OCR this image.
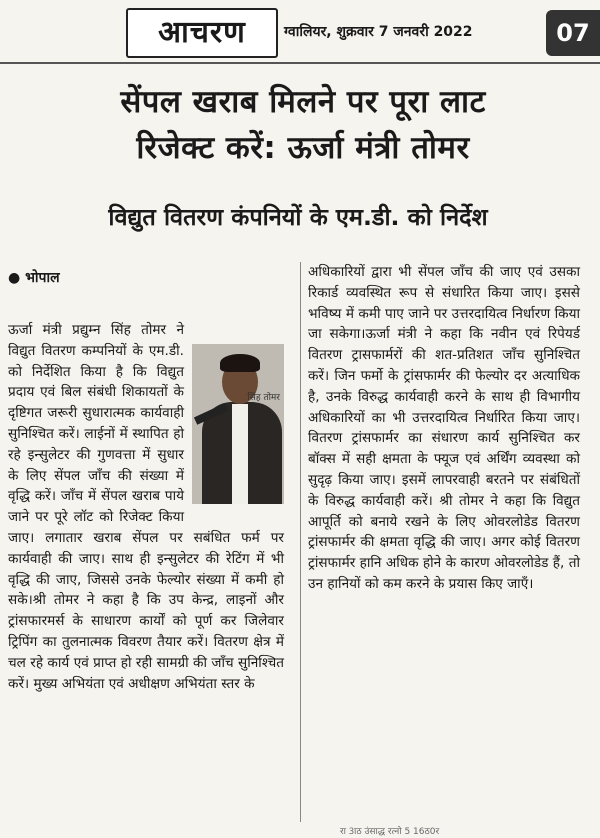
आचरण	ग्वालियर, शुक्रवार 7 जनवरी 2022	07
सेंपल खराब मिलने पर पूरा लाट
रिजेक्ट करें: ऊर्जा मंत्री तोमर
विद्युत वितरण कंपनियों के एम.डी. को निर्देश
● भोपाल
सिंह तोमर

ऊर्जा मंत्री प्रद्युम्न सिंह तोमर ने विद्युत वितरण कम्पनियों के एम.डी. को निर्देशित किया है कि विद्युत प्रदाय एवं बिल संबंधी शिकायतों के दृष्टिगत जरूरी सुधारात्मक कार्यवाही सुनिश्चित करें। लाईनों में स्थापित हो रहे इन्सुलेटर की गुणवत्ता में सुधार के लिए सेंपल जाँच की संख्या में वृद्धि करें। जाँच में सेंपल खराब पाये जाने पर पूरे लॉट को रिजेक्ट किया जाए। लगातार खराब सेंपल पर सबंधित फर्म पर कार्यवाही की जाए। साथ ही इन्सुलेटर की रेटिंग में भी वृद्धि की जाए, जिससे उनके फेल्योर संख्या में कमी हो सके।श्री तोमर ने कहा है कि उप केन्द्र, लाइनों और ट्रांसफारमर्स के साधारण कार्यों को पूर्ण कर जिलेवार ट्रिपिंग का तुलनात्मक विवरण तैयार करें। वितरण क्षेत्र में चल रहे कार्य एवं प्राप्त हो रही सामग्री की जाँच सुनिश्चित करें। मुख्य अभियंता एवं अधीक्षण अभियंता स्तर के

अधिकारियों द्वारा भी सेंपल जाँच की जाए एवं उसका रिकार्ड व्यवस्थित रूप से संधारित किया जाए। इससे भविष्य में कमी पाए जाने पर उत्तरदायित्व निर्धारण किया जा सकेगा।ऊर्जा मंत्री ने कहा कि नवीन एवं रिपेयर्ड वितरण ट्रासफार्मरों की शत-प्रतिशत जाँच सुनिश्चित करें। जिन फर्मो के ट्रांसफार्मर की फेल्योर दर अत्याधिक है, उनके विरुद्ध कार्यवाही करने के साथ ही विभागीय अधिकारियों का भी उत्तरदायित्व निर्धारित किया जाए। वितरण ट्रांसफार्मर का संधारण कार्य सुनिश्चित कर बॉक्स में सही क्षमता के फ्यूज एवं अर्थिंग व्यवस्था को सुदृढ़ किया जाए। इसमें लापरवाही बरतने पर संबंधितों के विरुद्ध कार्यवाही करें। श्री तोमर ने कहा कि विद्युत आपूर्ति को बनाये रखने के लिए ओवरलोडेड वितरण ट्रांसफार्मर की क्षमता वृद्धि की जाए। अगर कोई वितरण ट्रांसफार्मर हानि अधिक होने के कारण ओवरलोडेड हैं, तो उन हानियों को कम करने के प्रयास किए जाएँ।

रा 3ाठ उंसाद्ध रत्नो 5 16ठ0र
